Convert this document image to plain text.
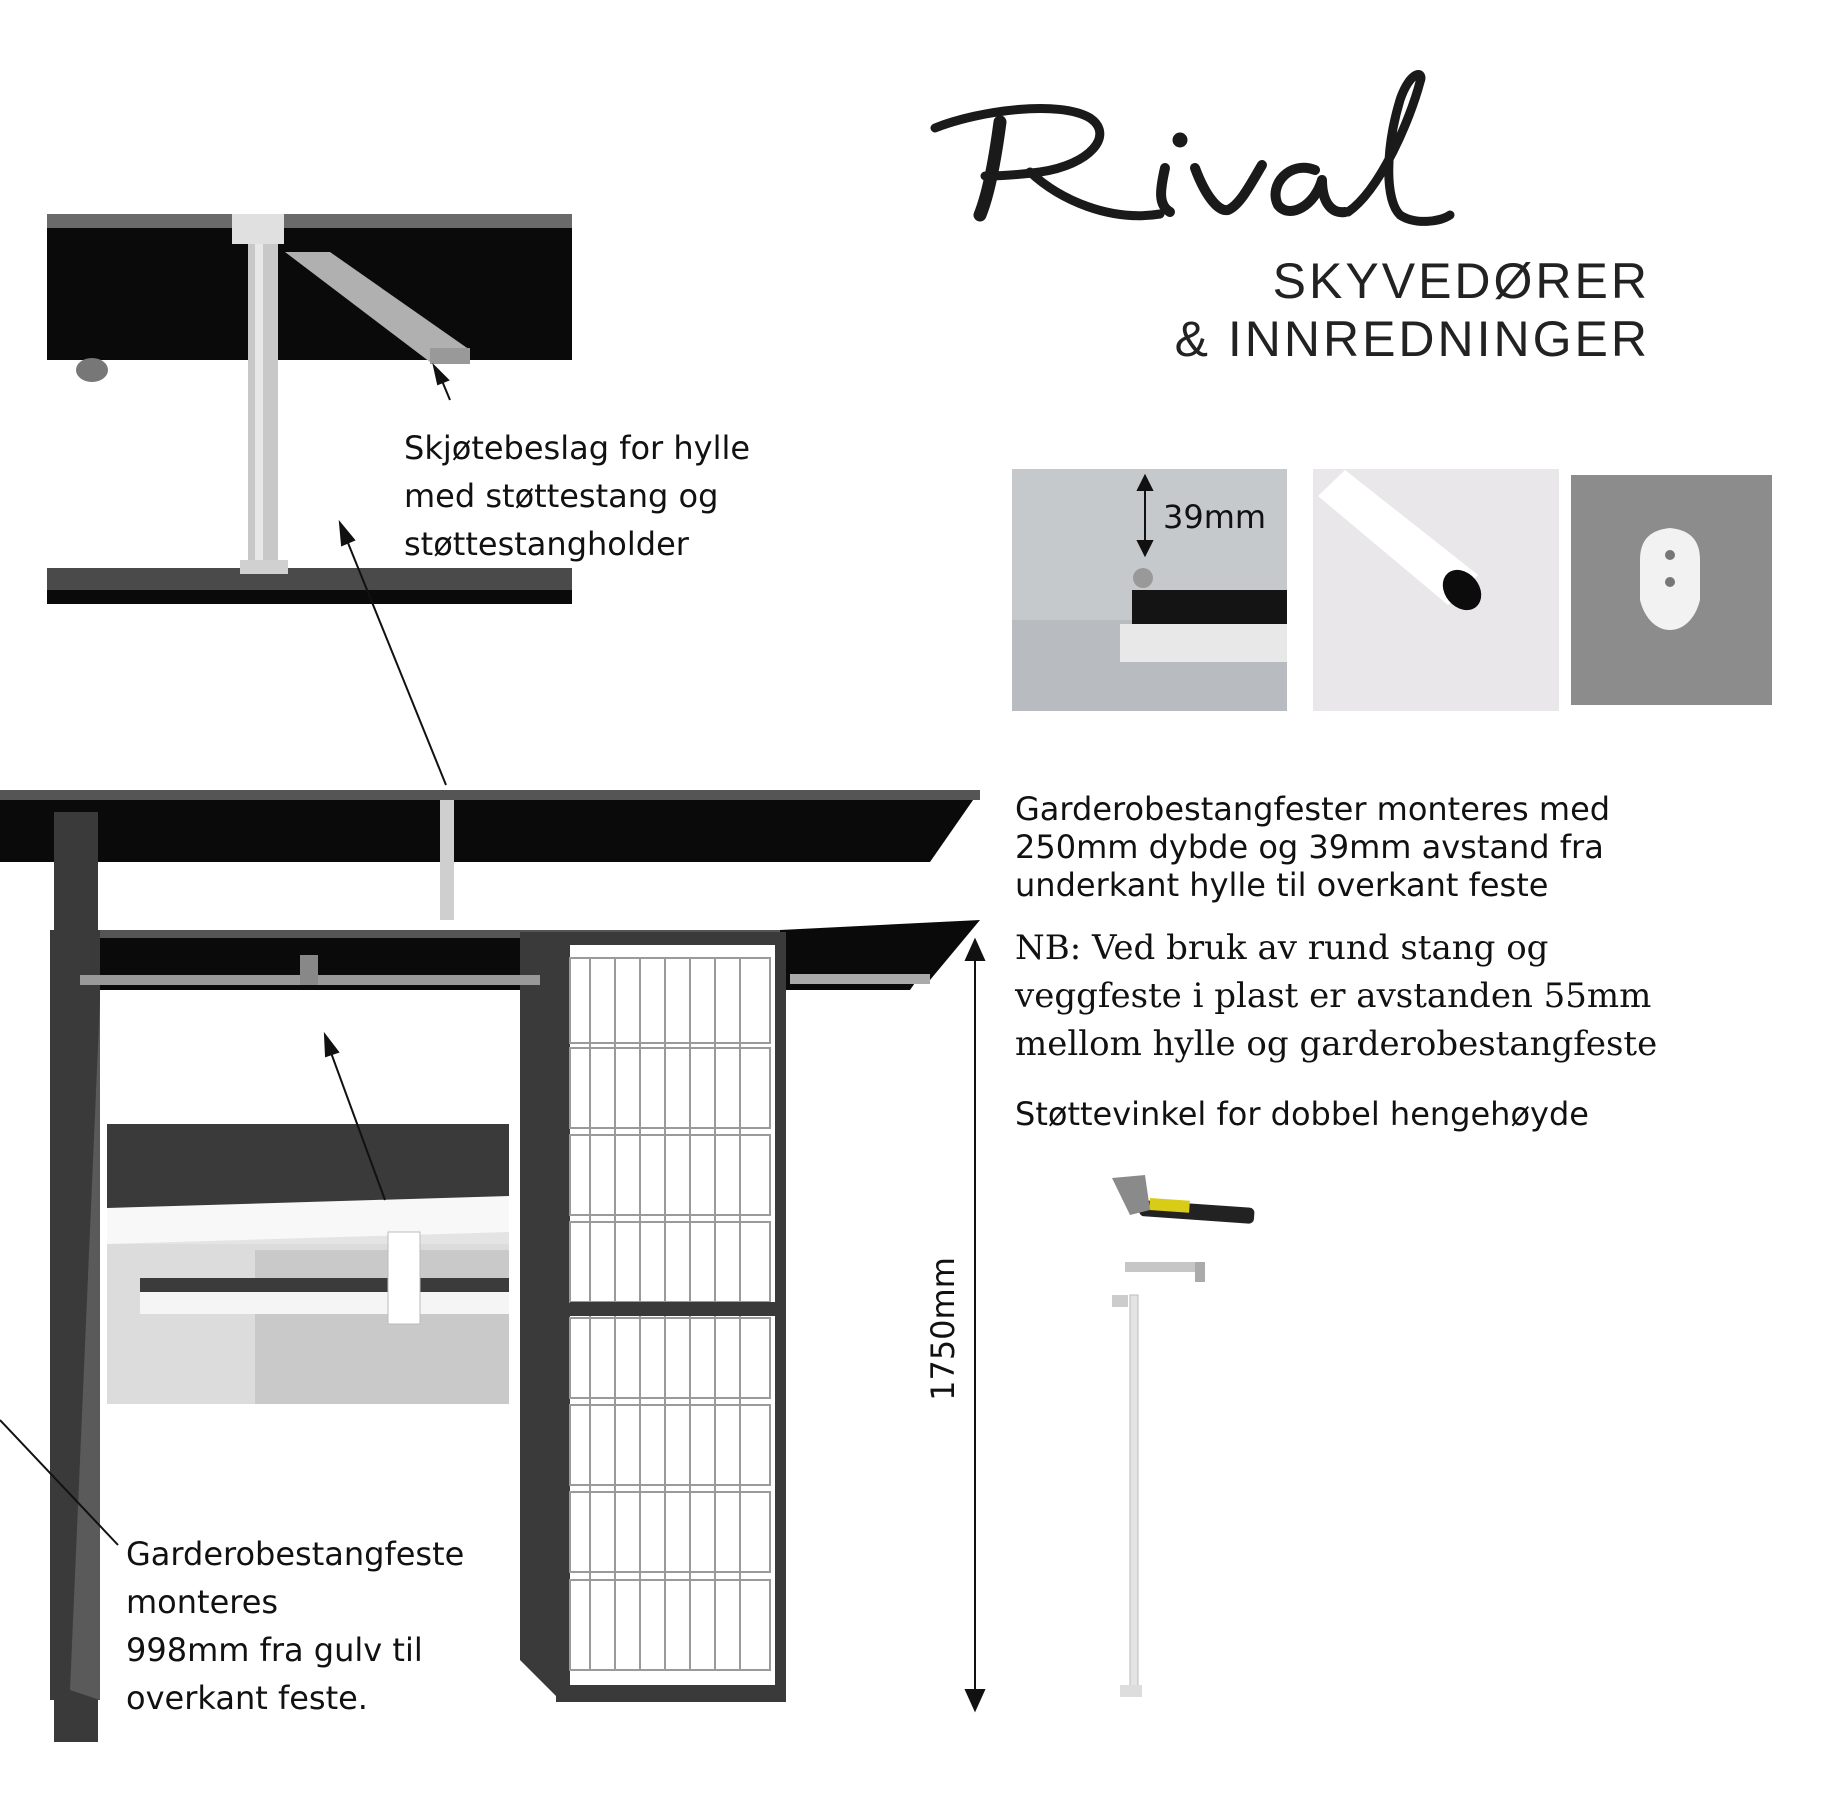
SKYVEDØRER
& INNREDNINGER
Skjøtebeslag for hylle
med støttestang og
støttestangholder
39mm
Garderobestangfester monteres med
250mm dybde og 39mm avstand fra
underkant hylle til overkant feste
NB: Ved bruk av rund stang og
veggfeste i plast er avstanden 55mm
mellom hylle og garderobestangfeste
Støttevinkel for dobbel hengehøyde
Garderobestangfeste
monteres
998mm fra gulv til
overkant feste.
1750mm
